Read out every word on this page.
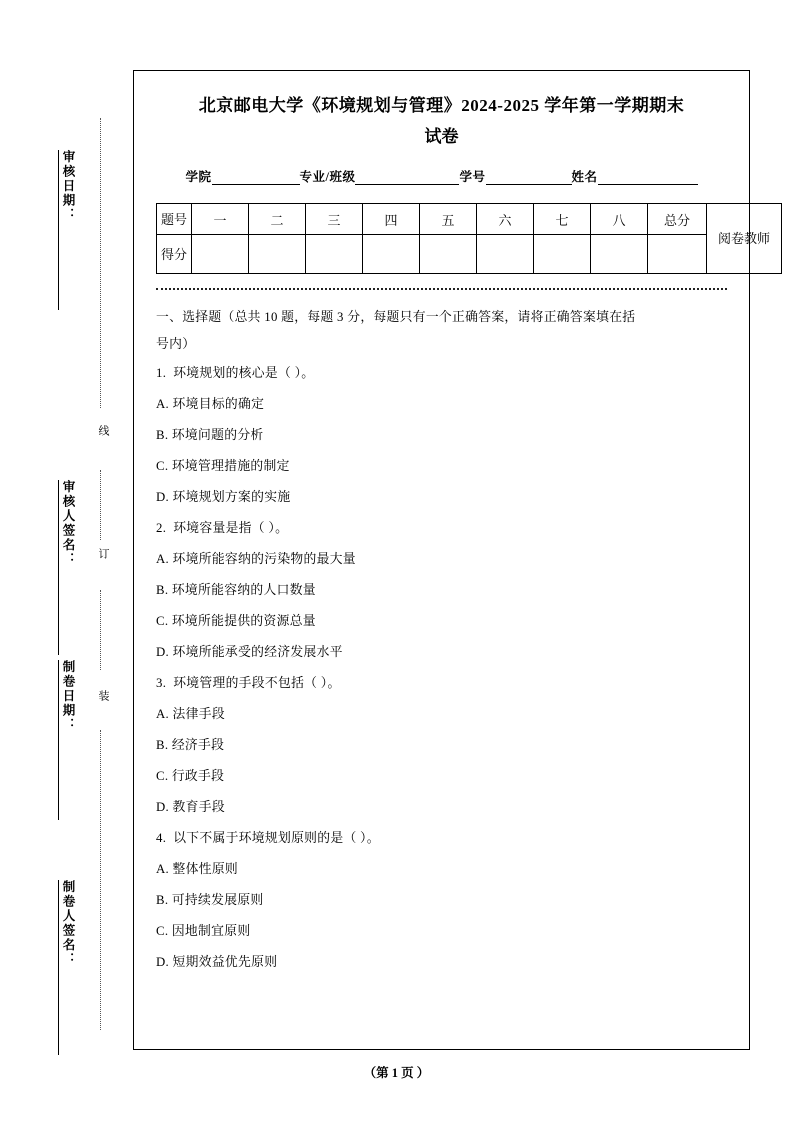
审核日期：
审核人签名：
制卷日期：
制卷人签名：
线
订
装
北京邮电大学《环境规划与管理》2024‑2025 学年第一学期期末
试卷
学院	专业/班级	学号	姓名
题号	一	二	三	四	五	六	七	八	总分	阅卷教师
得分										
一、选择题（总共 10 题，每题 3 分，每题只有一个正确答案，请将正确答案填在括
号内）
1. 环境规划的核心是（ ）。
A. 环境目标的确定
B. 环境问题的分析
C. 环境管理措施的制定
D. 环境规划方案的实施
2. 环境容量是指（ ）。
A. 环境所能容纳的污染物的最大量
B. 环境所能容纳的人口数量
C. 环境所能提供的资源总量
D. 环境所能承受的经济发展水平
3. 环境管理的手段不包括（ ）。
A. 法律手段
B. 经济手段
C. 行政手段
D. 教育手段
4. 以下不属于环境规划原则的是（ ）。
A. 整体性原则
B. 可持续发展原则
C. 因地制宜原则
D. 短期效益优先原则
（第 1 页 ）
